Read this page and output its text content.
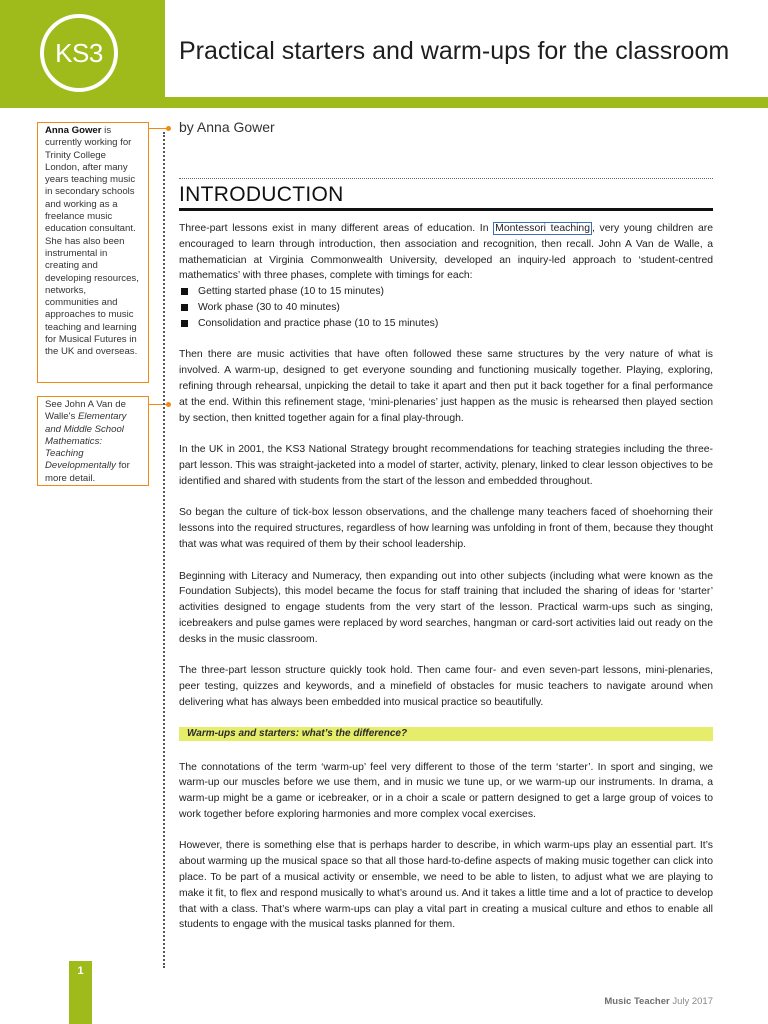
KS3	Practical starters and warm-ups for the classroom
by Anna Gower
INTRODUCTION
Anna Gower is currently working for Trinity College London, after many years teaching music in secondary schools and working as a freelance music education consultant. She has also been instrumental in creating and developing resources, networks, communities and approaches to music teaching and learning for Musical Futures in the UK and overseas.
See John A Van de Walle's Elementary and Middle School Mathematics: Teaching Developmentally for more detail.

Three-part lessons exist in many different areas of education. In Montessori teaching , very young children are encouraged to learn through introduction, then association and recognition, then recall. John A Van de Walle, a mathematician at Virginia Commonwealth University, developed an inquiry-led approach to ‘student-centred mathematics’ with three phases, complete with timings for each:

Getting started phase (10 to 15 minutes)
Work phase (30 to 40 minutes)
Consolidation and practice phase (10 to 15 minutes)

Then there are music activities that have often followed these same structures by the very nature of what is involved. A warm-up, designed to get everyone sounding and functioning musically together. Playing, exploring, refining through rehearsal, unpicking the detail to take it apart and then put it back together for a final performance at the end. Within this refinement stage, ‘mini-plenaries’ just happen as the music is rehearsed then played section by section, then knitted together again for a final play-through.

In the UK in 2001, the KS3 National Strategy brought recommendations for teaching strategies including the three-part lesson. This was straight-jacketed into a model of starter, activity, plenary, linked to clear lesson objectives to be identified and shared with students from the start of the lesson and embedded throughout.

So began the culture of tick-box lesson observations, and the challenge many teachers faced of shoehorning their lessons into the required structures, regardless of how learning was unfolding in front of them, because they thought that was what was required of them by their school leadership.

Beginning with Literacy and Numeracy, then expanding out into other subjects (including what were known as the Foundation Subjects), this model became the focus for staff training that included the sharing of ideas for ‘starter’ activities designed to engage students from the very start of the lesson. Practical warm-ups such as singing, icebreakers and pulse games were replaced by word searches, hangman or card-sort activities laid out ready on the desks in the music classroom.

The three-part lesson structure quickly took hold. Then came four- and even seven-part lessons, mini-plenaries, peer testing, quizzes and keywords, and a minefield of obstacles for music teachers to navigate around when delivering what has always been embedded into musical practice so beautifully.

Warm-ups and starters: what’s the difference?

The connotations of the term ‘warm-up’ feel very different to those of the term ‘starter’. In sport and singing, we warm-up our muscles before we use them, and in music we tune up, or we warm-up our instruments. In drama, a warm-up might be a game or icebreaker, or in a choir a scale or pattern designed to get a large group of voices to work together before exploring harmonies and more complex vocal exercises.

However, there is something else that is perhaps harder to describe, in which warm-ups play an essential part. It’s about warming up the musical space so that all those hard-to-define aspects of making music together can click into place. To be part of a musical activity or ensemble, we need to be able to listen, to adjust what we are playing to make it fit, to flex and respond musically to what’s around us. And it takes a little time and a lot of practice to develop that with a class. That’s where warm-ups can play a vital part in creating a musical culture and ethos to enable all students to engage with the musical tasks planned for them.

1
Music Teacher July 2017
